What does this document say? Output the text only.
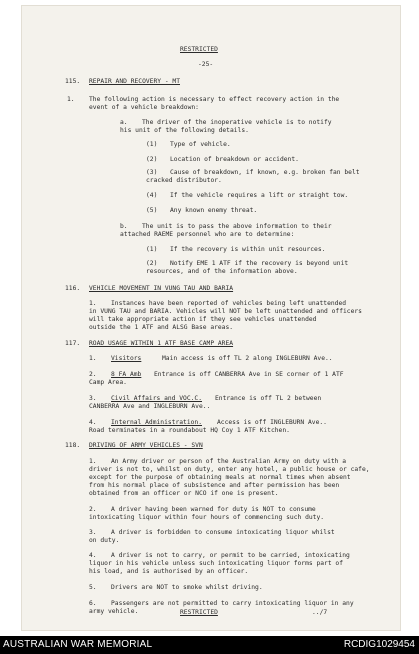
RESTRICTED
-25-
115. REPAIR AND RECOVERY - MT
1. The following action is necessary to effect recovery action in the
event of a vehicle breakdown:
a. The driver of the inoperative vehicle is to notify
his unit of the following details.
(1) Type of vehicle.
(2) Location of breakdown or accident.
(3) Cause of breakdown, if known, e.g. broken fan belt
cracked distributor.
(4) If the vehicle requires a lift or straight tow.
(5) Any known enemy threat.
b. The unit is to pass the above information to their
attached RAEME personnel who are to determine:
(1) If the recovery is within unit resources.
(2) Notify EME 1 ATF if the recovery is beyond unit
resources, and of the information above.
116. VEHICLE MOVEMENT IN VUNG TAU AND BARIA
1. Instances have been reported of vehicles being left unattended
in VUNG TAU and BARIA. Vehicles will NOT be left unattended and officers
will take appropriate action if they see vehicles unattended
outside the 1 ATF and ALSG Base areas.
117. ROAD USAGE WITHIN 1 ATF BASE CAMP AREA
1. Visitors	Main access is off TL 2 along INGLEBURN Ave..
2. 8 FA Amb Entrance is off CANBERRA Ave in SE corner of 1 ATF
Camp Area.
3. Civil Affairs and VOC.C. Entrance is off TL 2 between
CANBERRA Ave and INGLEBURN Ave..
4. Internal Administration. Access is off INGLEBURN Ave..
Road terminates in a roundabout HQ Coy 1 ATF Kitchen.
118. DRIVING OF ARMY VEHICLES - SVN
1. An Army driver or person of the Australian Army on duty with a
driver is not to, whilst on duty, enter any hotel, a public house or cafe,
except for the purpose of obtaining meals at normal times when absent
from his normal place of subsistence and after permission has been
obtained from an officer or NCO if one is present.
2. A driver having been warned for duty is NOT to consume
intoxicating liquor within four hours of commencing such duty.
3. A driver is forbidden to consume intoxicating liquor whilst
on duty.
4. A driver is not to carry, or permit to be carried, intoxicating
liquor in his vehicle unless such intoxicating liquor forms part of
his load, and is authorised by an officer.
5. Drivers are NOT to smoke whilst driving.
6. Passengers are not permitted to carry intoxicating liquor in any
army vehicle.	RESTRICTED	../7
AUSTRALIAN WAR MEMORIAL	RCDIG1029454
